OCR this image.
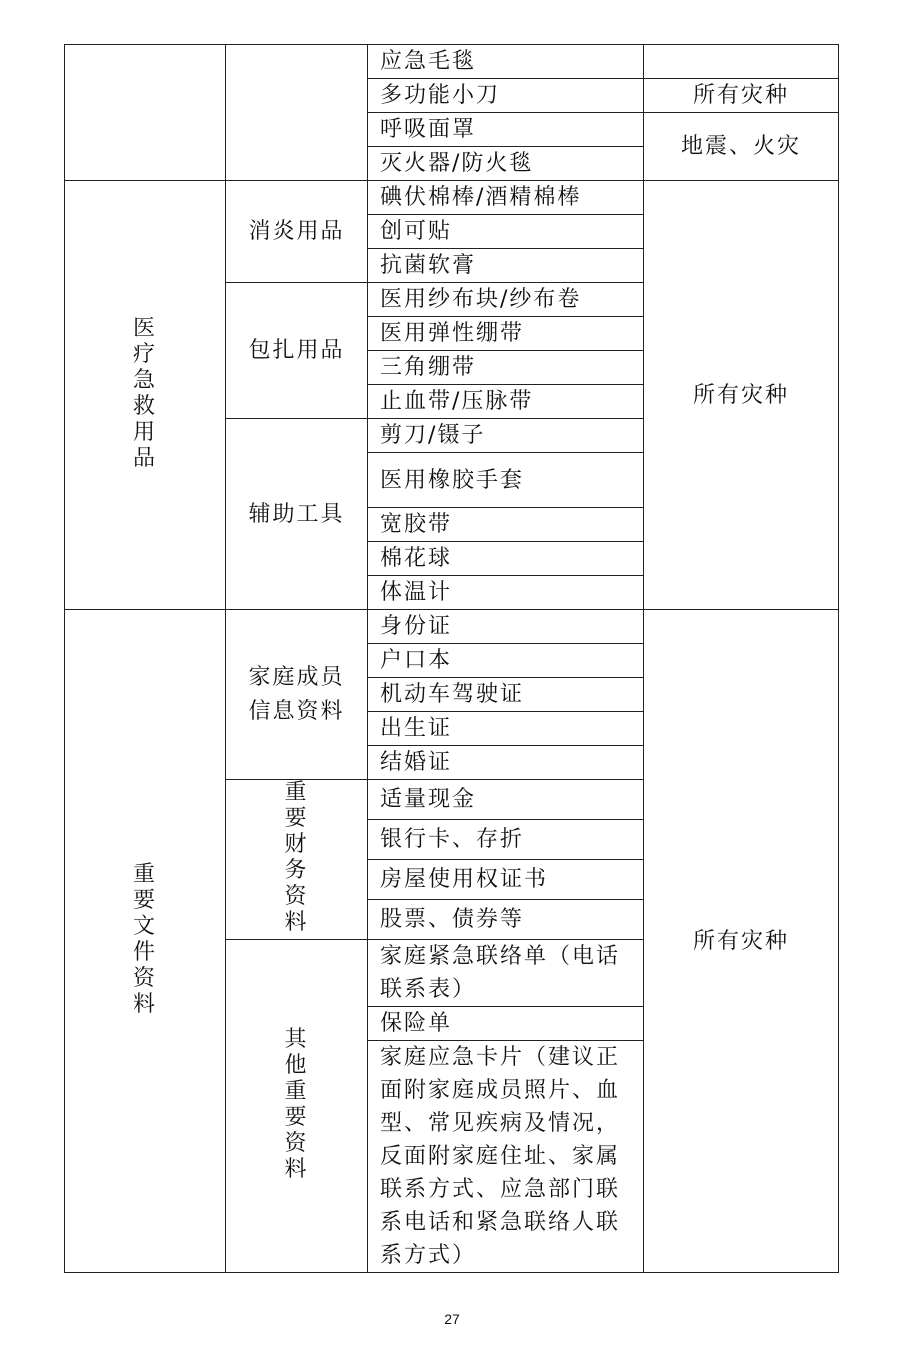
		应急毛毯	
		多功能小刀	所有灾种
		呼吸面罩	地震、火灾
		灭火器/防火毯	
医疗急救用品	消炎用品	碘伏棉棒/酒精棉棒	所有灾种
		创可贴	
		抗菌软膏	
	包扎用品	医用纱布块/纱布卷	
		医用弹性绷带	
		三角绷带	
		止血带/压脉带	
	辅助工具	剪刀/镊子	
		医用橡胶手套	
		宽胶带	
		棉花球	
		体温计	
重要文件资料	家庭成员信息资料	身份证	所有灾种
		户口本	
		机动车驾驶证	
		出生证	
		结婚证	
	重要财务资料	适量现金	
		银行卡、存折	
		房屋使用权证书	
		股票、债券等	
	其他重要资料	家庭紧急联络单（电话联系表）	
		保险单	
		家庭应急卡片（建议正面附家庭成员照片、血型、常见疾病及情况，反面附家庭住址、家属联系方式、应急部门联系电话和紧急联络人联系方式）	
27
